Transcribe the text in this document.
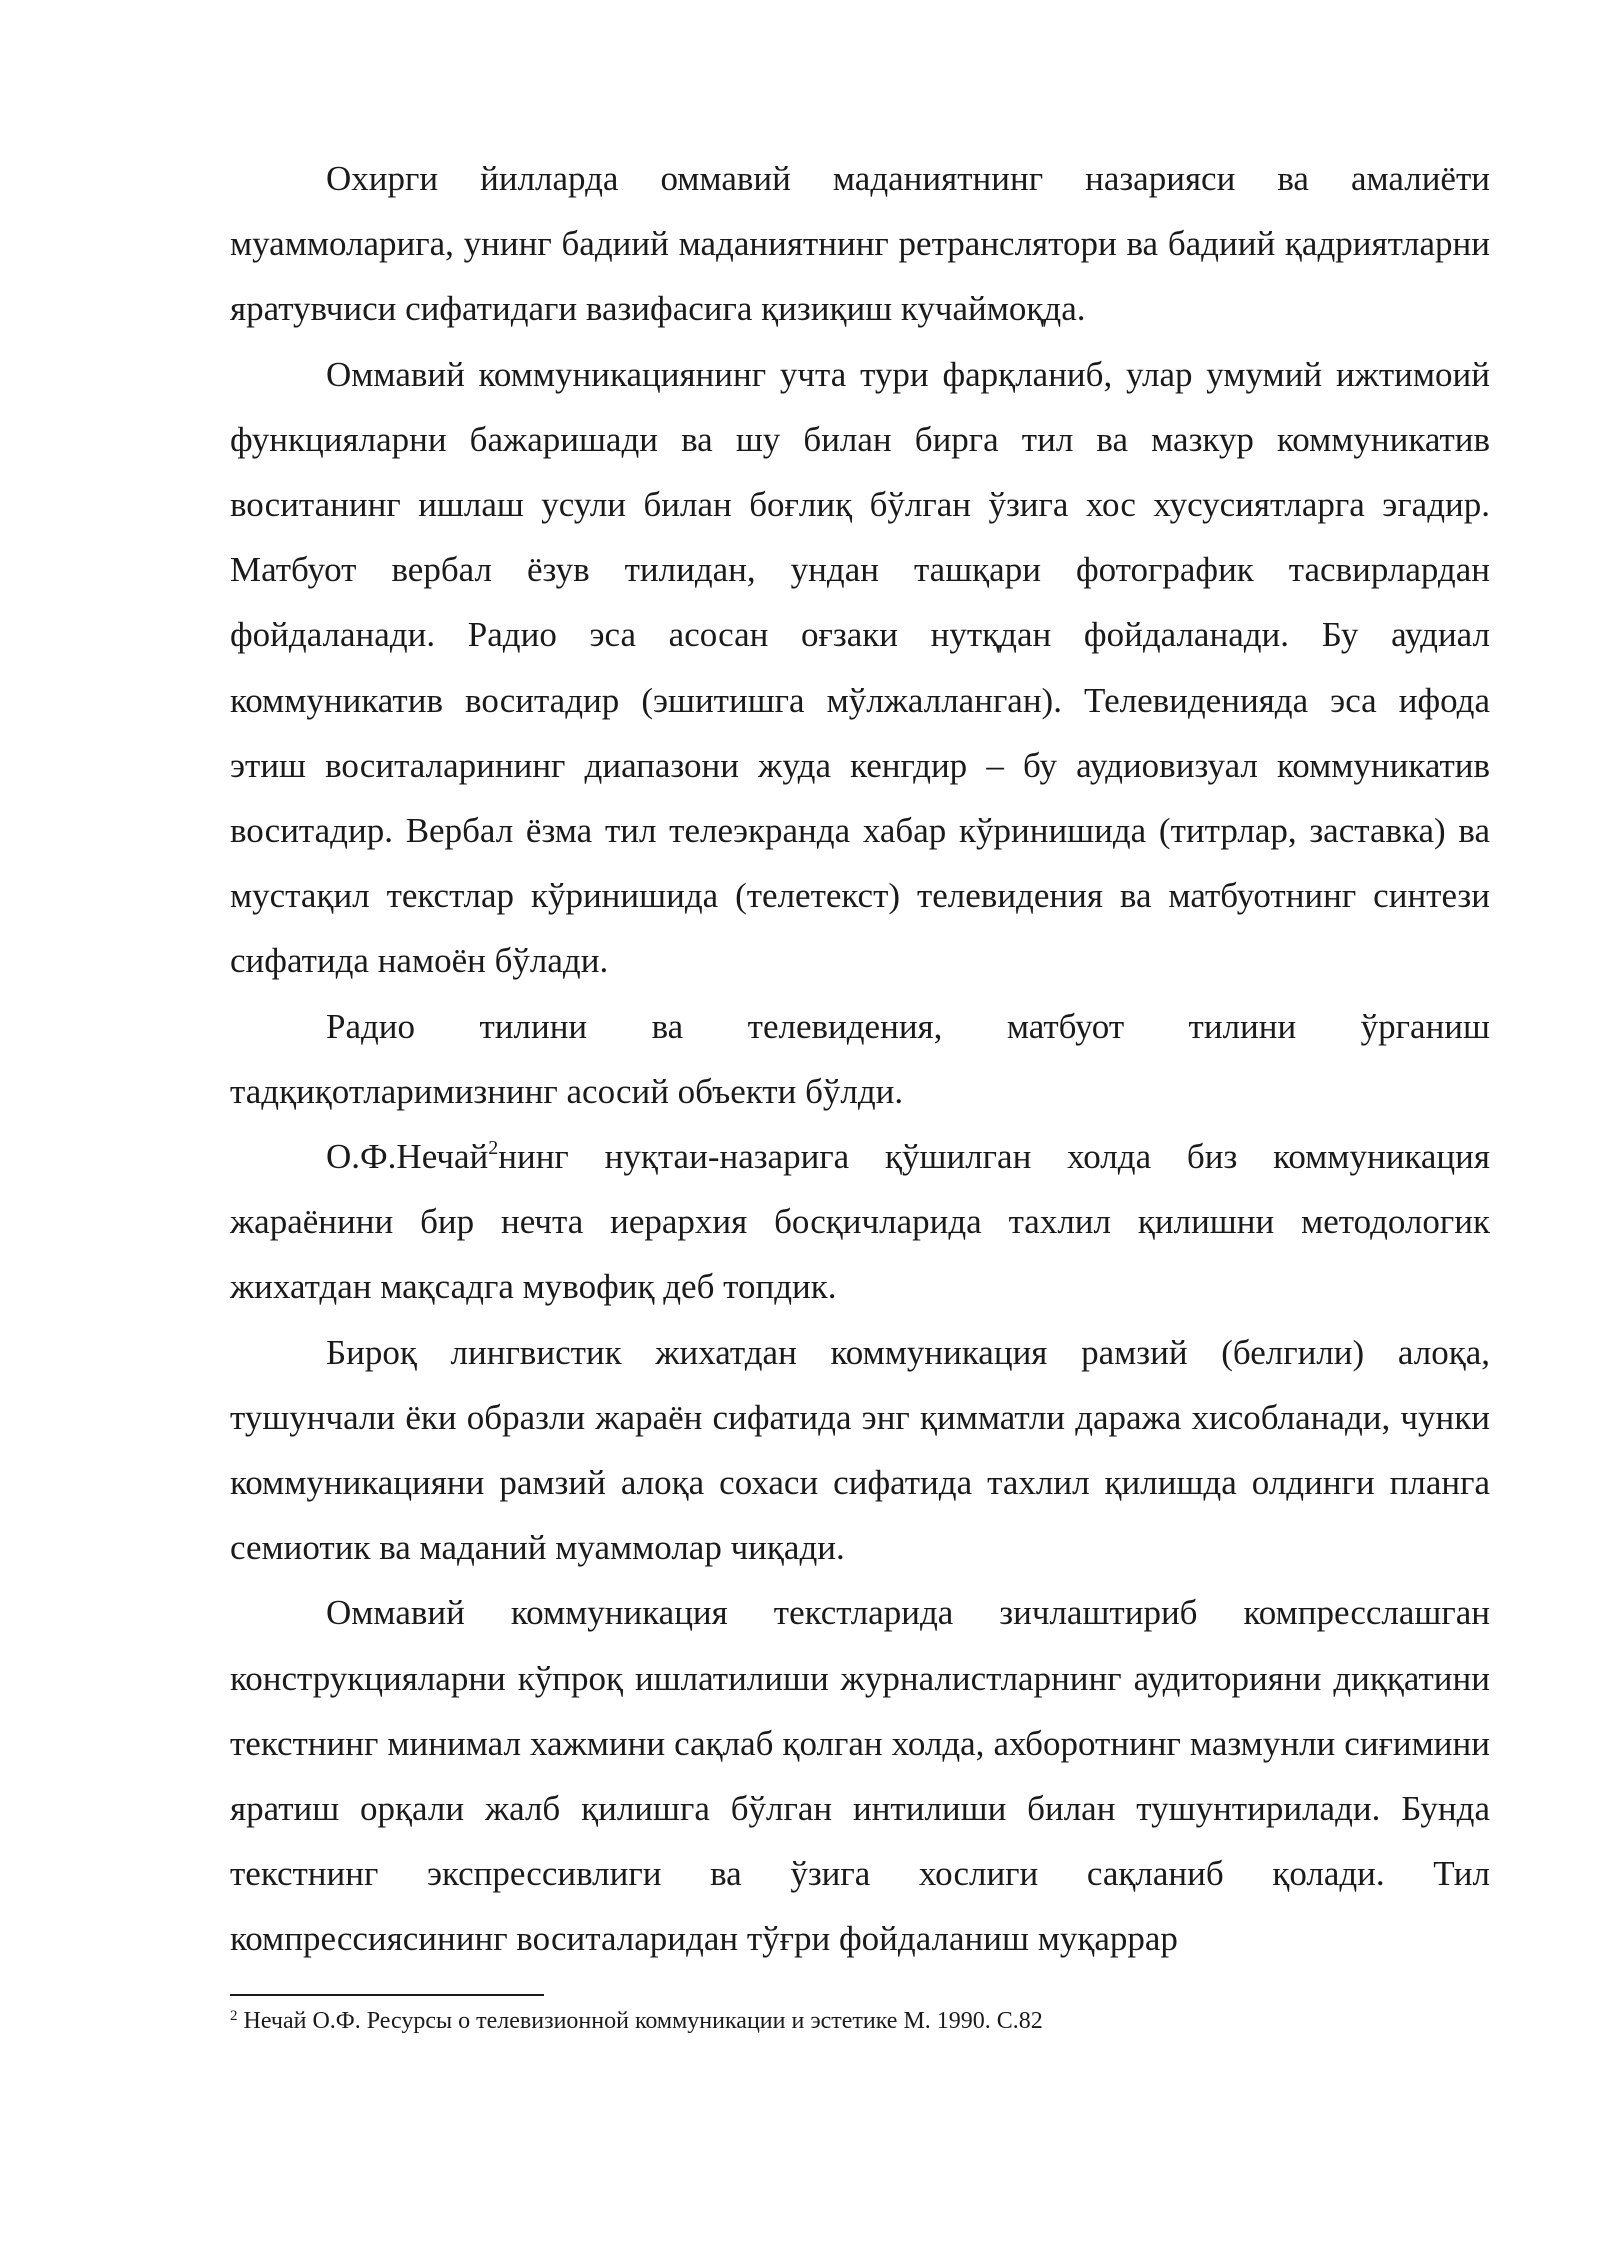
Охирги йилларда оммавий маданиятнинг назарияси ва амалиёти муаммоларига, унинг бадиий маданиятнинг ретранслятори ва бадиий қадриятларни яратувчиси сифатидаги вазифасига қизиқиш кучаймоқда.

Оммавий коммуникациянинг учта тури фарқланиб, улар умумий ижтимоий функцияларни бажаришади ва шу билан бирга тил ва мазкур коммуникатив воситанинг ишлаш усули билан боғлиқ бўлган ўзига хос хусусиятларга эгадир. Матбуот вербал ёзув тилидан, ундан ташқари фотографик тасвирлардан фойдаланади. Радио эса асосан оғзаки нутқдан фойдаланади. Бу аудиал коммуникатив воситадир (эшитишга мўлжалланган). Телевиденияда эса ифода этиш воситаларининг диапазони жуда кенгдир – бу аудиовизуал коммуникатив воситадир. Вербал ёзма тил телеэкранда хабар кўринишида (титрлар, заставка) ва мустақил текстлар кўринишида (телетекст) телевидения ва матбуотнинг синтези сифатида намоён бўлади.

Радио тилини ва телевидения, матбуот тилини ўрганиш тадқиқотларимизнинг асосий объекти бўлди.

О.Ф.Нечай$^2$нинг нуқтаи-назарига қўшилган холда биз коммуникация жараёнини бир нечта иерархия босқичларида тахлил қилишни методологик жихатдан мақсадга мувофиқ деб топдик.

Бироқ лингвистик жихатдан коммуникация рамзий (белгили) алоқа, тушунчали ёки образли жараён сифатида энг қимматли даража хисобланади, чунки коммуникацияни рамзий алоқа сохаси сифатида тахлил қилишда олдинги планга семиотик ва маданий муаммолар чиқади.

Оммавий коммуникация текстларида зичлаштириб компресслашган конструкцияларни кўпроқ ишлатилиши журналистларнинг аудиторияни диққатини текстнинг минимал хажмини сақлаб қолган холда, ахборотнинг мазмунли сиғимини яратиш орқали жалб қилишга бўлган интилиши билан тушунтирилади. Бунда текстнинг экспрессивлиги ва ўзига хослиги сақланиб қолади. Тил компрессиясининг воситаларидан тўғри фойдаланиш муқаррар

$^2$ Нечай О.Ф. Ресурсы о телевизионной коммуникации и эстетике М. 1990. С.82
